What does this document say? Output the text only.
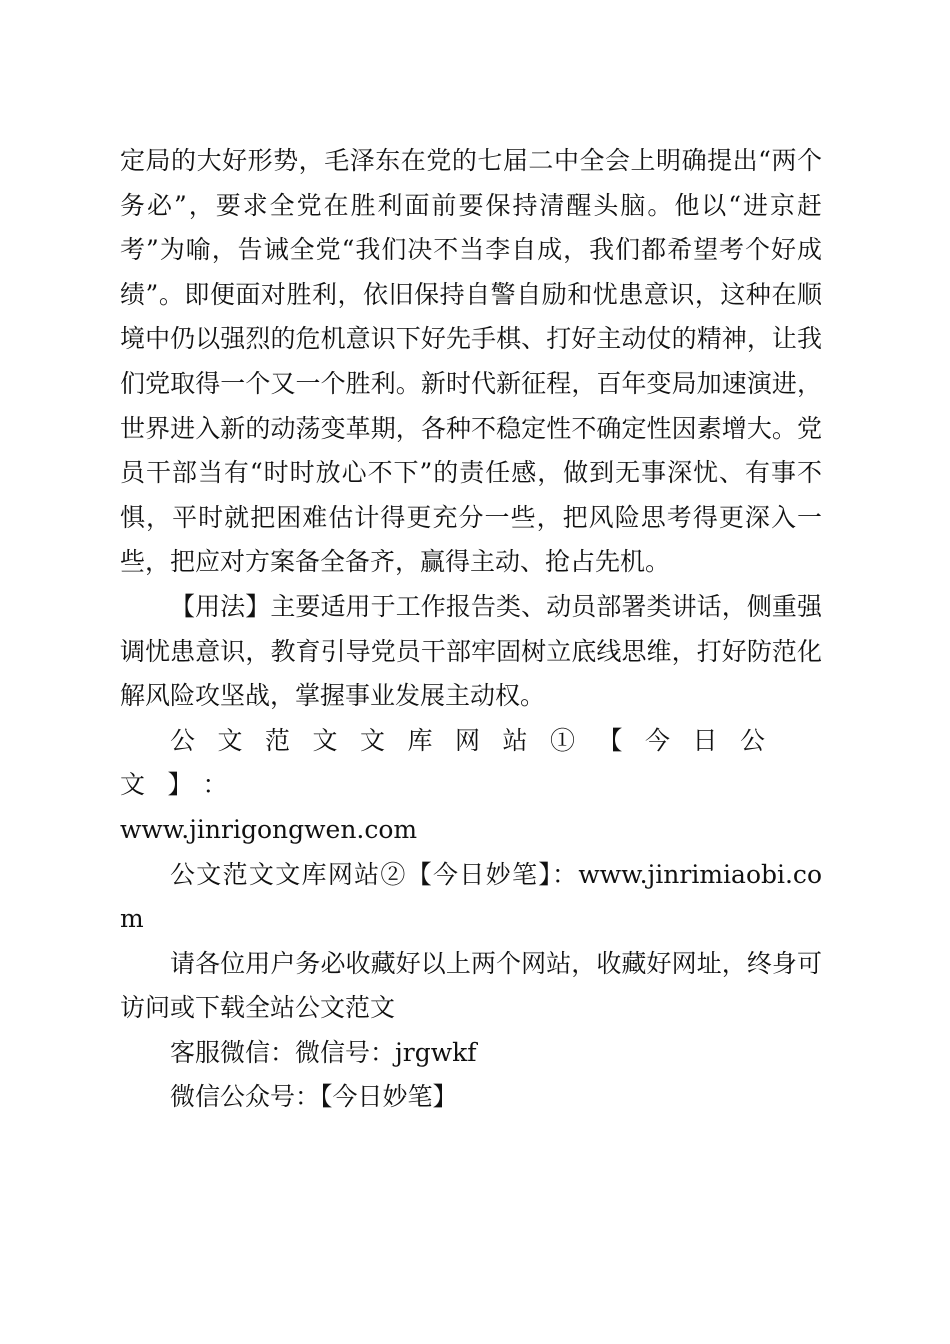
定局的大好形势，毛泽东在党的七届二中全会上明确提出“两个务必”，要求全党在胜利面前要保持清醒头脑。他以“进京赶考”为喻，告诫全党“我们决不当李自成，我们都希望考个好成绩”。即便面对胜利，依旧保持自警自励和忧患意识，这种在顺境中仍以强烈的危机意识下好先手棋、打好主动仗的精神，让我们党取得一个又一个胜利。新时代新征程，百年变局加速演进，世界进入新的动荡变革期，各种不稳定性不确定性因素增大。党员干部当有“时时放心不下”的责任感，做到无事深忧、有事不惧，平时就把困难估计得更充分一些，把风险思考得更深入一些，把应对方案备全备齐，赢得主动、抢占先机。

【用法】主要适用于工作报告类、动员部署类讲话，侧重强调忧患意识，教育引导党员干部牢固树立底线思维，打好防范化解风险攻坚战，掌握事业发展主动权。

公文范文文库网站①【今日公文】：

www.jinrigongwen.com

公文范文文库网站②【今日妙笔】：www.jinrimiaobi.com

请各位用户务必收藏好以上两个网站，收藏好网址，终身可访问或下载全站公文范文

客服微信：微信号：jrgwkf

微信公众号：【今日妙笔】
